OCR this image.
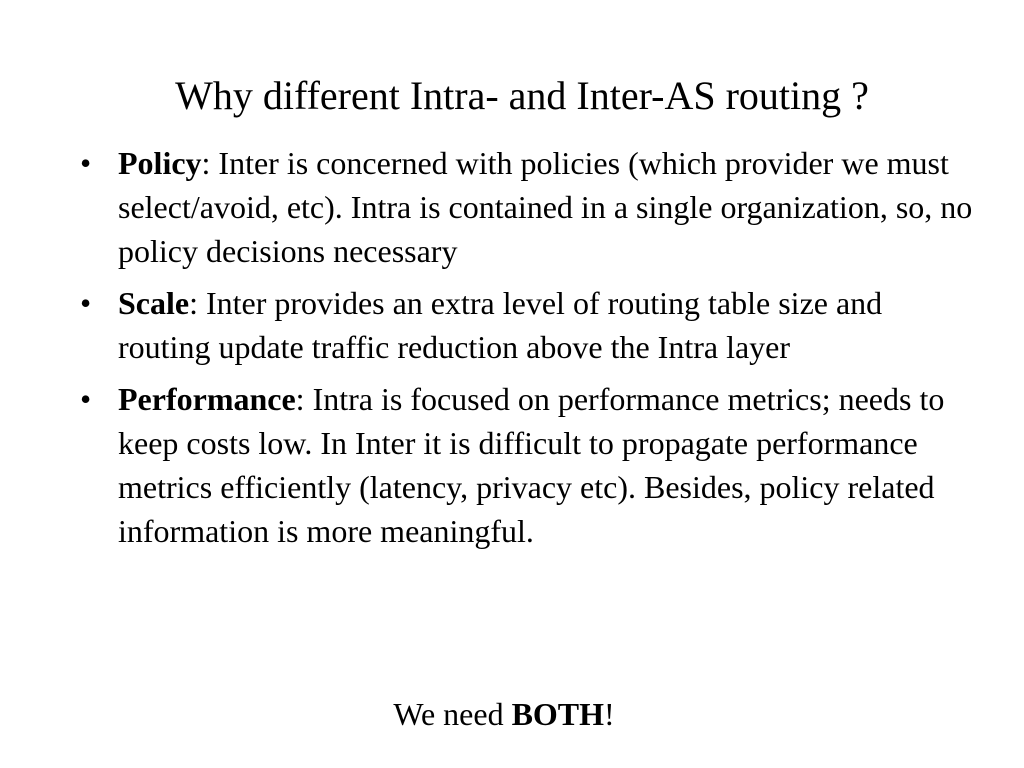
Why different Intra- and Inter-AS routing ?
• Policy: Inter is concerned with policies (which provider we must select/avoid, etc). Intra is contained in a single organization, so, no policy decisions necessary
• Scale: Inter provides an extra level of routing table size and routing update traffic reduction above the Intra layer
• Performance: Intra is focused on performance metrics; needs to keep costs low. In Inter it is difficult to propagate performance metrics efficiently (latency, privacy etc). Besides, policy related information is more meaningful.

We need BOTH!
